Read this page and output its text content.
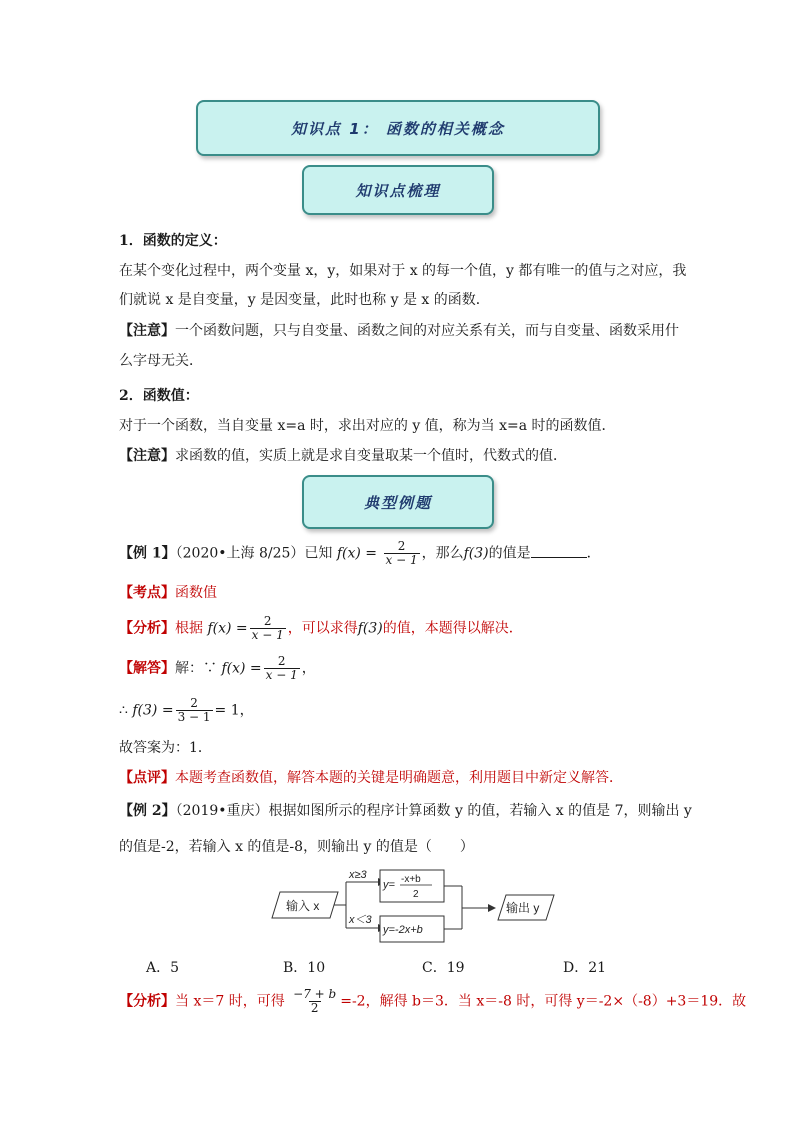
知识点 1： 函数的相关概念
知识点梳理
1．函数的定义：
在某个变化过程中，两个变量 x，y，如果对于 x 的每一个值，y 都有唯一的值与之对应，我
们就说 x 是自变量，y 是因变量，此时也称 y 是 x 的函数．
【注意】一个函数问题，只与自变量、函数之间的对应关系有关，而与自变量、函数采用什
么字母无关．
2．函数值：
对于一个函数，当自变量 x=a 时，求出对应的 y 值，称为当 x=a 时的函数值．
【注意】求函数的值，实质上就是求自变量取某一个值时，代数式的值．
典型例题
【例 1】（2020•上海 8/25）已知 $f(x) = \frac{2}{x - 1}$ ，那么f(3)的值是	．
【考点】函数值
【分析】根据 $f(x) = \frac{2}{x - 1}$ ，可以求得f(3)的值，本题得以解决．
【解答】解：∵ $f(x) = \frac{2}{x - 1}$ ，
∴ $f(3) = \frac{2}{3 - 1} = 1$，
故答案为：1．
【点评】本题考查函数值，解答本题的关键是明确题意，利用题目中新定义解答．
【例 2】（2019•重庆）根据如图所示的程序计算函数 y 的值，若输入 x 的值是 7，则输出 y
的值是-2，若输入 x 的值是-8，则输出 y 的值是（　　）
输入 x
x≥3
x＜3
y= -x+b
2
y=-2x+b
输出 y
A．5	B．10	C．19	D．21
【分析】当 x＝7 时，可得 $\frac{-7 + b}{2} =-2$，解得 b＝3．当 x＝-8 时，可得 y＝-2×（-8）+3＝19．故
